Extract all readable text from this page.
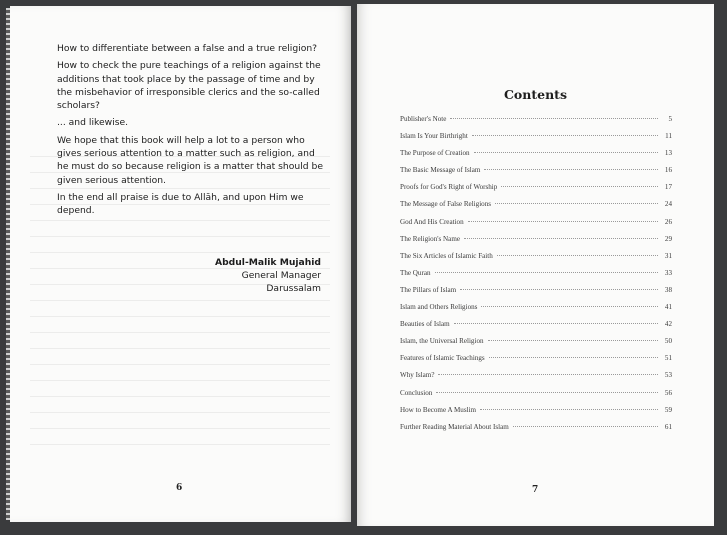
How to differentiate between a false and a true religion?

How to check the pure teachings of a religion against the additions that took place by the passage of time and by the misbehavior of irresponsible clerics and the so-called scholars?

... and likewise.

We hope that this book will help a lot to a person who gives serious attention to a matter such as religion, and he must do so because religion is a matter that should be given serious attention.

In the end all praise is due to Allāh, and upon Him we depend.

Abdul-Malik Mujahid
General Manager
Darussalam
6
Contents
Publisher's Note	5
Islam Is Your Birthright	11
The Purpose of Creation	13
The Basic Message of Islam	16
Proofs for God's Right of Worship	17
The Message of False Religions	24
God And His Creation	26
The Religion's Name	29
The Six Articles of Islamic Faith	31
The Quran	33
The Pillars of Islam	38
Islam and Others Religions	41
Beauties of Islam	42
Islam, the Universal Religion	50
Features of Islamic Teachings	51
Why Islam?	53
Conclusion	56
How to Become A Muslim	59
Further Reading Material About Islam	61
7
